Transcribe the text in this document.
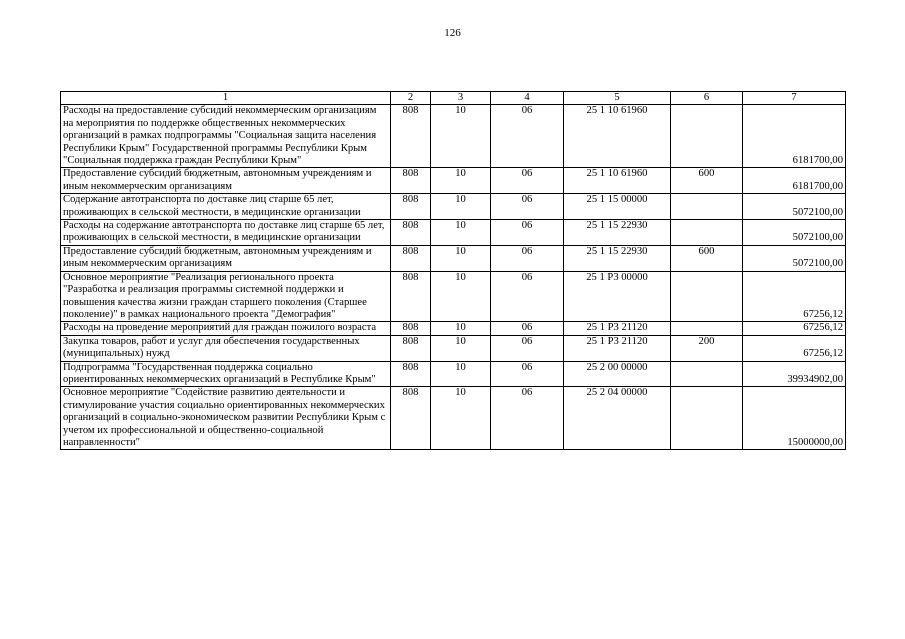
126
1	2	3	4	5	6	7
Расходы на предоставление субсидий некоммерческим организациям на мероприятия по поддержке общественных некоммерческих организаций в рамках подпрограммы "Социальная защита населения Республики Крым" Государственной программы Республики Крым "Социальная поддержка граждан Республики Крым"	808	10	06	25 1 10 61960		6181700,00
Предоставление субсидий бюджетным, автономным учреждениям и иным некоммерческим организациям	808	10	06	25 1 10 61960	600	6181700,00
Содержание автотранспорта по доставке лиц старше 65 лет, проживающих в сельской местности, в медицинские организации	808	10	06	25 1 15 00000		5072100,00
Расходы на содержание автотранспорта по доставке лиц старше 65 лет, проживающих в сельской местности, в медицинские организации	808	10	06	25 1 15 22930		5072100,00
Предоставление субсидий бюджетным, автономным учреждениям и иным некоммерческим организациям	808	10	06	25 1 15 22930	600	5072100,00
Основное мероприятие "Реализация регионального проекта "Разработка и реализация программы системной поддержки и повышения качества жизни граждан старшего поколения (Старшее поколение)" в рамках национального проекта "Демография"	808	10	06	25 1 P3 00000		67256,12
Расходы на проведение мероприятий для граждан пожилого возраста	808	10	06	25 1 P3 21120		67256,12
Закупка товаров, работ и услуг для обеспечения государственных (муниципальных) нужд	808	10	06	25 1 P3 21120	200	67256,12
Подпрограмма "Государственная поддержка социально ориентированных некоммерческих организаций в Республике Крым"	808	10	06	25 2 00 00000		39934902,00
Основное мероприятие "Содействие развитию деятельности и стимулирование участия социально ориентированных некоммерческих организаций в социально-экономическом развитии Республики Крым с учетом их профессиональной и общественно-социальной направленности"	808	10	06	25 2 04 00000		15000000,00
